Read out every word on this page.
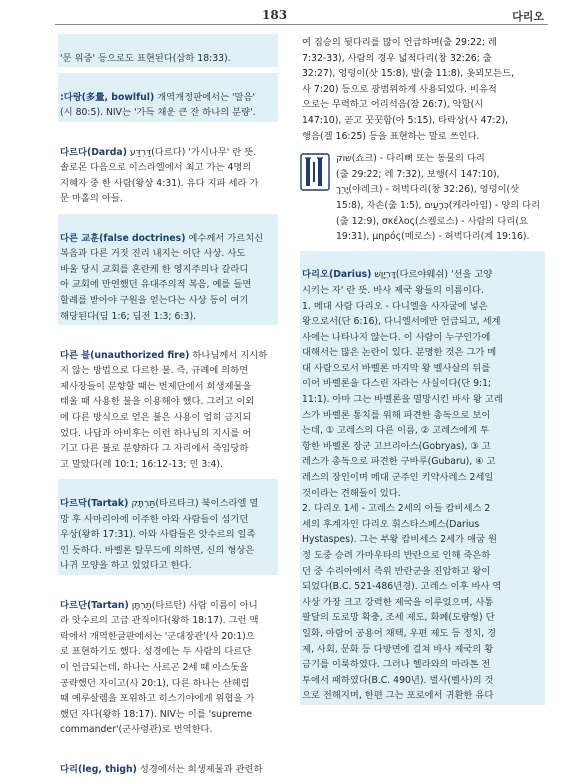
183	다리오

'문 위중' 등으로도 표현된다(삼하 18:33).

:다랑(多量, bowlful) 개역개정판에서는 '말음'
(시 80:5). NIV는 '가득 채운 큰 잔 하나의 분량'.

다르다(Darda) דַּרְדַּע(다르다) '가시나무' 란 뜻.
솔로몬 다음으로 이스라엘에서 최고 가는 4명의
지혜자 중 한 사람(왕상 4:31). 유다 지파 세라 가
문 마홀의 아들.

다른 교훈(false doctrines) 예수께서 가르치신
복음과 다른 거짓 진리 내지는 이단 사상. 사도
바울 당시 교회를 혼란케 한 영지주의나 갈라디
아 교회에 만연했던 유대주의적 복음, 예를 들면
할례를 받아야 구원을 얻는다는 사상 등이 여기
해당된다(딤 1:6; 딤전 1:3; 6:3).

다른 불(unauthorized fire) 하나님께서 지시하
지 않는 방법으로 다르한 불. 즉, 규례에 의하면
제사장들이 분향할 때는 번제단에서 희생제물을
태울 때 사용한 불을 이용해야 했다. 그러고 이외
에 다른 방식으로 얻은 불은 사용이 엄히 금지되
었다. 나답과 아비후는 이런 하나님의 지시를 어
기고 다른 불로 분향하다 그 자리에서 죽임당하
고 말았다(레 10:1; 16:12-13; 민 3:4).

다르닥(Tartak) תַּרְתָּק(타르타크) 북이스라엘 멸
망 후 사마리아에 이주한 아와 사람들이 섬기던
우상(왕하 17:31). 아와 사람들은 앗수르의 일족
인 듯하다. 바벨론 탈무드에 의하면, 신의 형상은
나귀 모양을 하고 있었다고 한다.

다르단(Tartan) תַּרְתָּן(타르탄) 사람 이름이 아니
라 앗수르의 고급 관직이다(왕하 18:17). 그런 맥
락에서 개역한글판에서는 '군대장관'(사 20:1)으
로 표현하기도 했다. 성경에는 두 사람의 다르단
이 언급되는데, 하나는 사르곤 2세 때 아스돗을
공략했던 자이고(사 20:1), 다른 하나는 산헤립
때 예루살렘을 포위하고 히스기야에게 위협을 가
했던 자다(왕하 18:17). NIV는 이를 'supreme
commander'(군사령관)로 번역한다.

다리(leg, thigh) 성경에서는 희생제물과 관련하

여 짐승의 뒷다리를 많이 언급하며(출 29:22; 레
7:32-33), 사람의 경우 넓적다리(창 32:26; 출
32:27), 엉덩이(삿 15:8), 발(출 11:8), 옷뫼모든드,
사 7:20) 등으로 광범위하게 사용되었다. 비유적
으로는 무력하고 어리석음(잠 26:7), 악함(시
147:10), 곧고 꿋꿋함(아 5:15), 타락상(사 47:2),
행음(겔 16:25) 등을 표현하는 말로 쓰인다.
שׁוֹק(쇼크) - 다리뼈 또는 동물의 다리
(출 29:22; 레 7:32), 보행(시 147:10),
יָרֵךְ(야레크) - 허벅다리(창 32:26), 엉덩이(삿
15:8), 자손(출 1:5), כְּרָעַיִם(케라아임) - 양의 다리
(출 12:9), σκέλος(스켈로스) - 사람의 다리(요
19:31), μηρός(메로스) - 허벅다리(계 19:16).

다리오(Darius) דָּרְיָוֶשׁ(다르야웨쉬) '선을 고양
시키는 자' 란 뜻. 바사 제국 왕들의 이름이다.
1. 메대 사람 다리오 - 다니엘을 사자굴에 넣은
왕으로서(단 6:16), 다니엘서에만 언급되고, 세계
사에는 나타나지 않는다. 이 사람이 누구인가에
대해서는 많은 논란이 있다. 분명한 것은 그가 메
대 사람으로서 바벨론 마지막 왕 벨사살의 뒤를
이어 바벨론을 다스린 자라는 사실이다(단 9:1;
11:1). 아마 그는 바벨론을 멸망시킨 바사 왕 고레
스가 바벨론 통치를 위해 파견한 총독으로 보이
는데, ① 고레스의 다른 이름, ② 고레스에게 투
항한 바벨론 장군 고브리아스(Gobryas), ③ 고
레스가 총독으로 파견한 구바루(Gubaru), ④ 고
레스의 장인이며 메대 군주인 키약사레스 2세일
것이라는 견해들이 있다.
2. 다리오 1세 - 고레스 2세의 아들 캄비세스 2
세의 후계자인 다리오 휘스타스페스(Darius
Hystaspes). 그는 부왕 캄비세스 2세가 애굽 원
정 도중 승려 가마우타의 반란으로 인해 죽은하
던 중 수리아에서 즉위 반란군을 진압하고 왕이
되었다(B.C. 521-486년경). 고레스 이후 바사 역
사상 가장 크고 강력한 제국을 이루었으며, 사통
팔달의 도로망 확충, 조세 제도, 화폐(도량형) 단
일화, 아람어 공용어 채택, 우편 제도 등 정치, 경
제, 사회, 문화 등 다방면에 걸쳐 바사 제국의 황
금기를 이룩하였다. 그러나 헬라와의 마라톤 전
투에서 패하였다(B.C. 490년). 벌사(벨사)의 것
으로 전해지며, 한편 그는 포로에서 귀환한 유다
